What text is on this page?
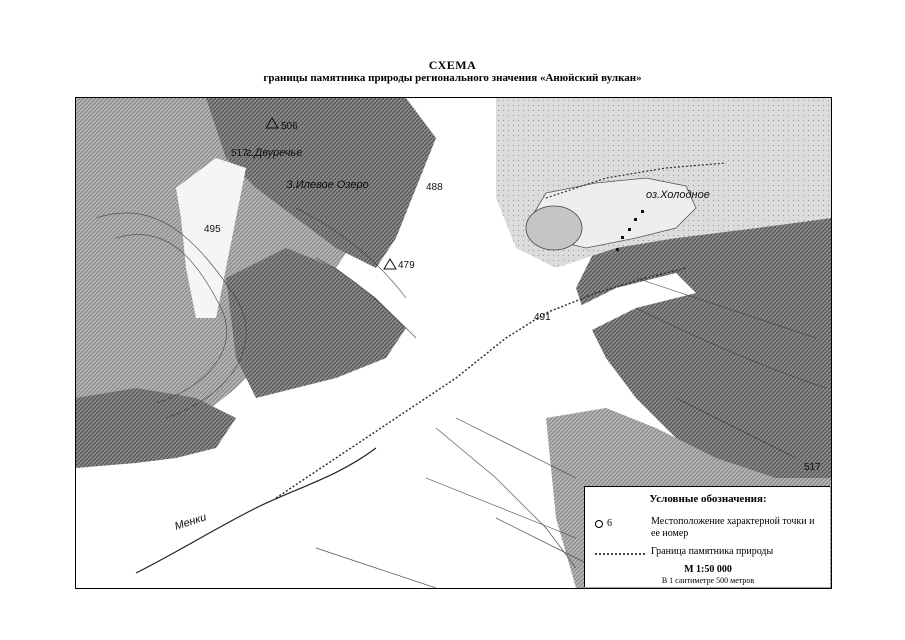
СХЕМА
границы памятника природы регионального значения «Анюйский вулкан»
оз.Холодное
г.Двуречье
З.Илевое Озеро
Менки
506
517
488
495
479
491
517
Условные обозначения:
6	Местоположение характерной точки и ее номер
Граница памятника природы
М 1:50 000
В 1 сантиметре 500 метров
